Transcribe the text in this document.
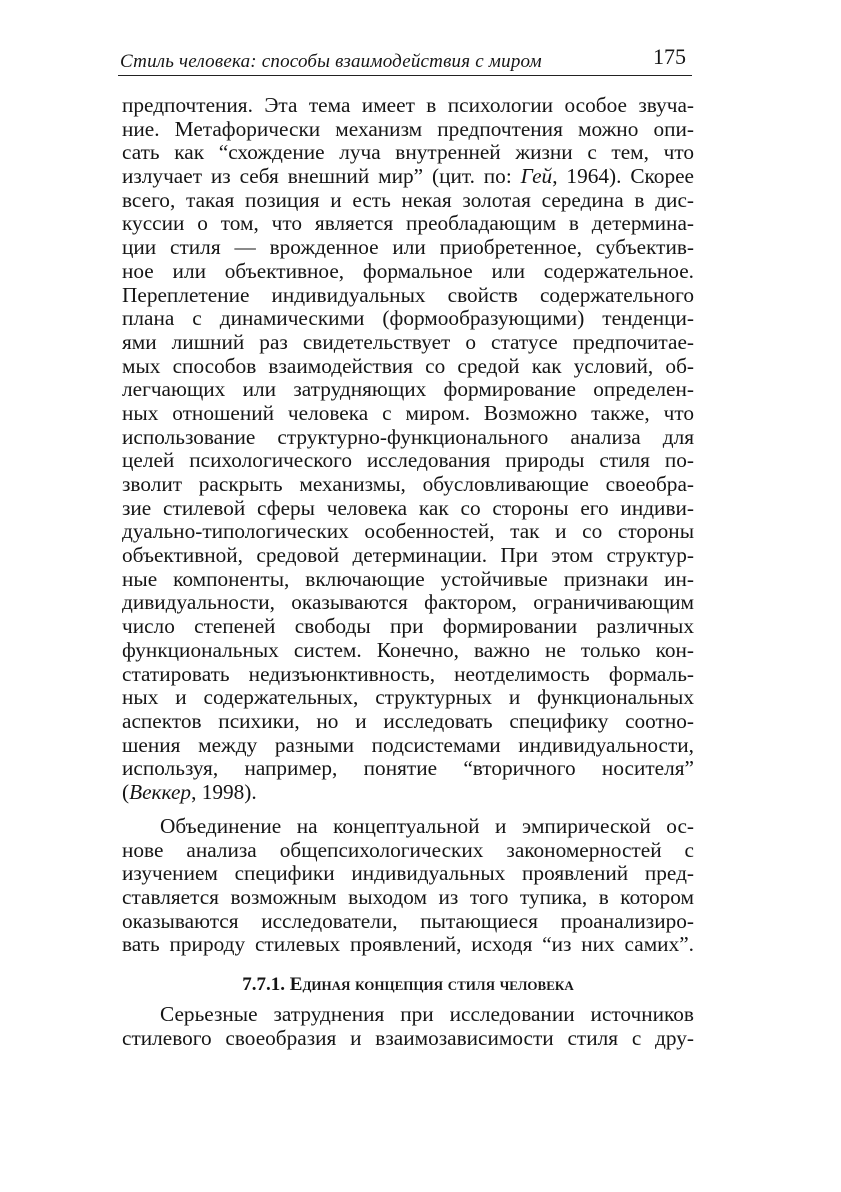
Стиль человека: способы взаимодействия с миром	175
предпочтения. Эта тема имеет в психологии особое звуча-
ние. Метафорически механизм предпочтения можно опи-
сать как “схождение луча внутренней жизни с тем, что
излучает из себя внешний мир” (цит. по: Гей, 1964). Скорее
всего, такая позиция и есть некая золотая середина в дис-
куссии о том, что является преобладающим в детермина-
ции стиля — врожденное или приобретенное, субъектив-
ное или объективное, формальное или содержательное.
Переплетение индивидуальных свойств содержательного
плана с динамическими (формообразующими) тенденци-
ями лишний раз свидетельствует о статусе предпочитае-
мых способов взаимодействия со средой как условий, об-
легчающих или затрудняющих формирование определен-
ных отношений человека с миром. Возможно также, что
использование структурно-функционального анализа для
целей психологического исследования природы стиля по-
зволит раскрыть механизмы, обусловливающие своеобра-
зие стилевой сферы человека как со стороны его индиви-
дуально-типологических особенностей, так и со стороны
объективной, средовой детерминации. При этом структур-
ные компоненты, включающие устойчивые признаки ин-
дивидуальности, оказываются фактором, ограничивающим
число степеней свободы при формировании различных
функциональных систем. Конечно, важно не только кон-
статировать недизъюнктивность, неотделимость формаль-
ных и содержательных, структурных и функциональных
аспектов психики, но и исследовать специфику соотно-
шения между разными подсистемами индивидуальности,
используя, например, понятие “вторичного носителя”
(Веккер, 1998).
Объединение на концептуальной и эмпирической ос-
нове анализа общепсихологических закономерностей с
изучением специфики индивидуальных проявлений пред-
ставляется возможным выходом из того тупика, в котором
оказываются исследователи, пытающиеся проанализиро-
вать природу стилевых проявлений, исходя “из них самих”.
7.7.1. Единая концепция стиля человека
Серьезные затруднения при исследовании источников
стилевого своеобразия и взаимозависимости стиля с дру-
